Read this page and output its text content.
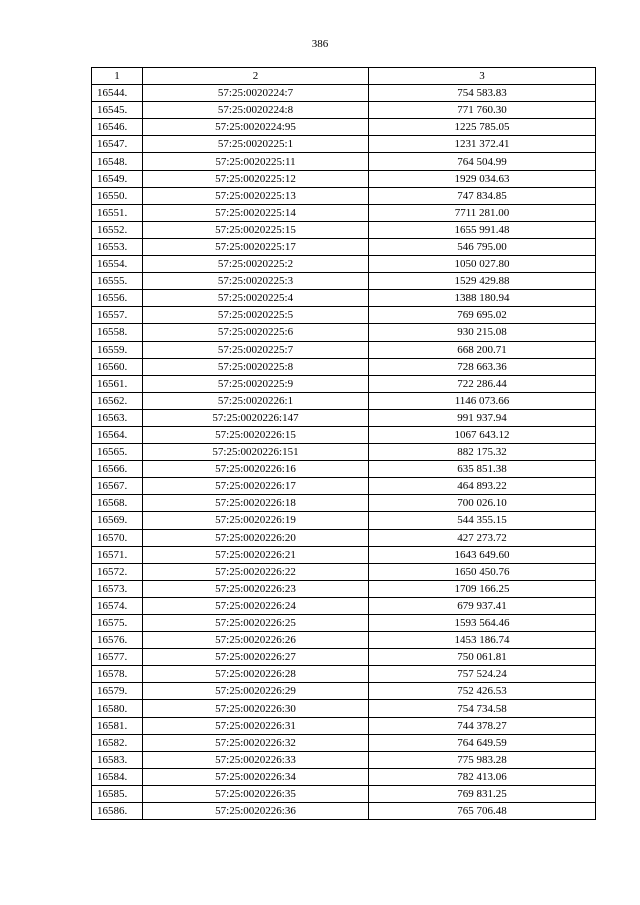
386
1	2	3
16544.	57:25:0020224:7	754 583.83
16545.	57:25:0020224:8	771 760.30
16546.	57:25:0020224:95	1225 785.05
16547.	57:25:0020225:1	1231 372.41
16548.	57:25:0020225:11	764 504.99
16549.	57:25:0020225:12	1929 034.63
16550.	57:25:0020225:13	747 834.85
16551.	57:25:0020225:14	7711 281.00
16552.	57:25:0020225:15	1655 991.48
16553.	57:25:0020225:17	546 795.00
16554.	57:25:0020225:2	1050 027.80
16555.	57:25:0020225:3	1529 429.88
16556.	57:25:0020225:4	1388 180.94
16557.	57:25:0020225:5	769 695.02
16558.	57:25:0020225:6	930 215.08
16559.	57:25:0020225:7	668 200.71
16560.	57:25:0020225:8	728 663.36
16561.	57:25:0020225:9	722 286.44
16562.	57:25:0020226:1	1146 073.66
16563.	57:25:0020226:147	991 937.94
16564.	57:25:0020226:15	1067 643.12
16565.	57:25:0020226:151	882 175.32
16566.	57:25:0020226:16	635 851.38
16567.	57:25:0020226:17	464 893.22
16568.	57:25:0020226:18	700 026.10
16569.	57:25:0020226:19	544 355.15
16570.	57:25:0020226:20	427 273.72
16571.	57:25:0020226:21	1643 649.60
16572.	57:25:0020226:22	1650 450.76
16573.	57:25:0020226:23	1709 166.25
16574.	57:25:0020226:24	679 937.41
16575.	57:25:0020226:25	1593 564.46
16576.	57:25:0020226:26	1453 186.74
16577.	57:25:0020226:27	750 061.81
16578.	57:25:0020226:28	757 524.24
16579.	57:25:0020226:29	752 426.53
16580.	57:25:0020226:30	754 734.58
16581.	57:25:0020226:31	744 378.27
16582.	57:25:0020226:32	764 649.59
16583.	57:25:0020226:33	775 983.28
16584.	57:25:0020226:34	782 413.06
16585.	57:25:0020226:35	769 831.25
16586.	57:25:0020226:36	765 706.48
